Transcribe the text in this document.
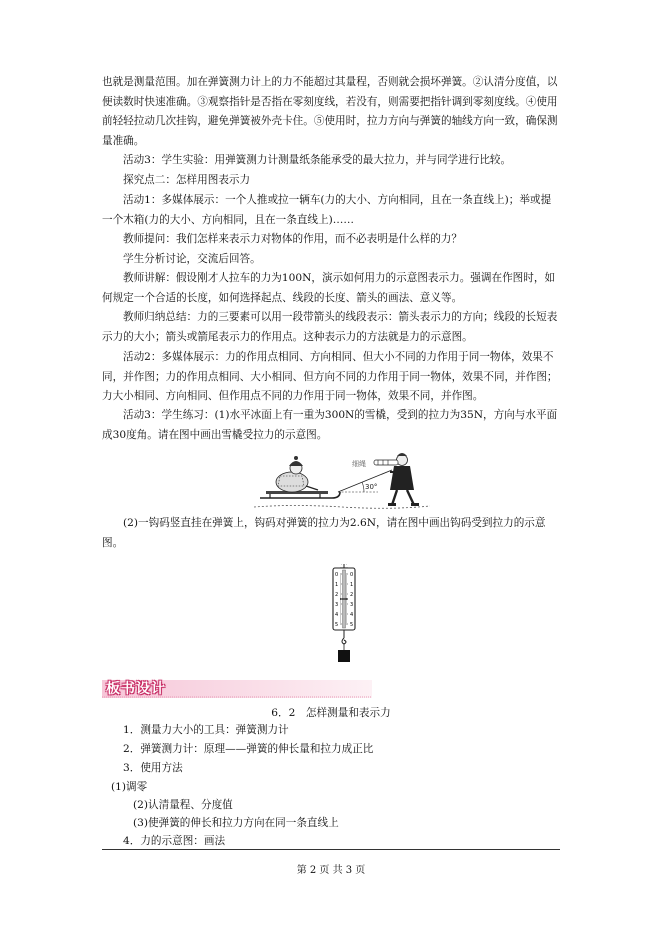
也就是测量范围。加在弹簧测力计上的力不能超过其量程，否则就会损坏弹簧。②认清分度值，以便读数时快速准确。③观察指针是否指在零刻度线，若没有，则需要把指针调到零刻度线。④使用前轻轻拉动几次挂钩，避免弹簧被外壳卡住。⑤使用时，拉力方向与弹簧的轴线方向一致，确保测量准确。

活动3：学生实验：用弹簧测力计测量纸条能承受的最大拉力，并与同学进行比较。

探究点二：怎样用图表示力

活动1：多媒体展示：一个人推或拉一辆车(力的大小、方向相同，且在一条直线上)；举或提一个木箱(力的大小、方向相同，且在一条直线上)……

教师提问：我们怎样来表示力对物体的作用，而不必表明是什么样的力？

学生分析讨论，交流后回答。

教师讲解：假设刚才人拉车的力为100N，演示如何用力的示意图表示力。强调在作图时，如何规定一个合适的长度，如何选择起点、线段的长度、箭头的画法、意义等。

教师归纳总结：力的三要素可以用一段带箭头的线段表示：箭头表示力的方向；线段的长短表示力的大小；箭头或箭尾表示力的作用点。这种表示力的方法就是力的示意图。

活动2：多媒体展示：力的作用点相同、方向相同、但大小不同的力作用于同一物体，效果不同，并作图；力的作用点相同、大小相同、但方向不同的力作用于同一物体，效果不同，并作图；力大小相同、方向相同、但作用点不同的力作用于同一物体，效果不同，并作图。

活动3：学生练习：(1)水平冰面上有一重为300N的雪橇，受到的拉力为35N，方向与水平面成30度角。请在图中画出雪橇受拉力的示意图。

细绳
30°

(2)一钩码竖直挂在弹簧上，钩码对弹簧的拉力为2.6N，请在图中画出钩码受到拉力的示意图。

0
1
2
3
4
5
0
1
2
3
4
5
板书设计

6．2　怎样测量和表示力

1．测量力大小的工具：弹簧测力计

2．弹簧测力计：原理——弹簧的伸长量和拉力成正比

3．使用方法

(1)调零

(2)认清量程、分度值

(3)使弹簧的伸长和拉力方向在同一条直线上

4．力的示意图：画法

第 2 页 共 3 页
